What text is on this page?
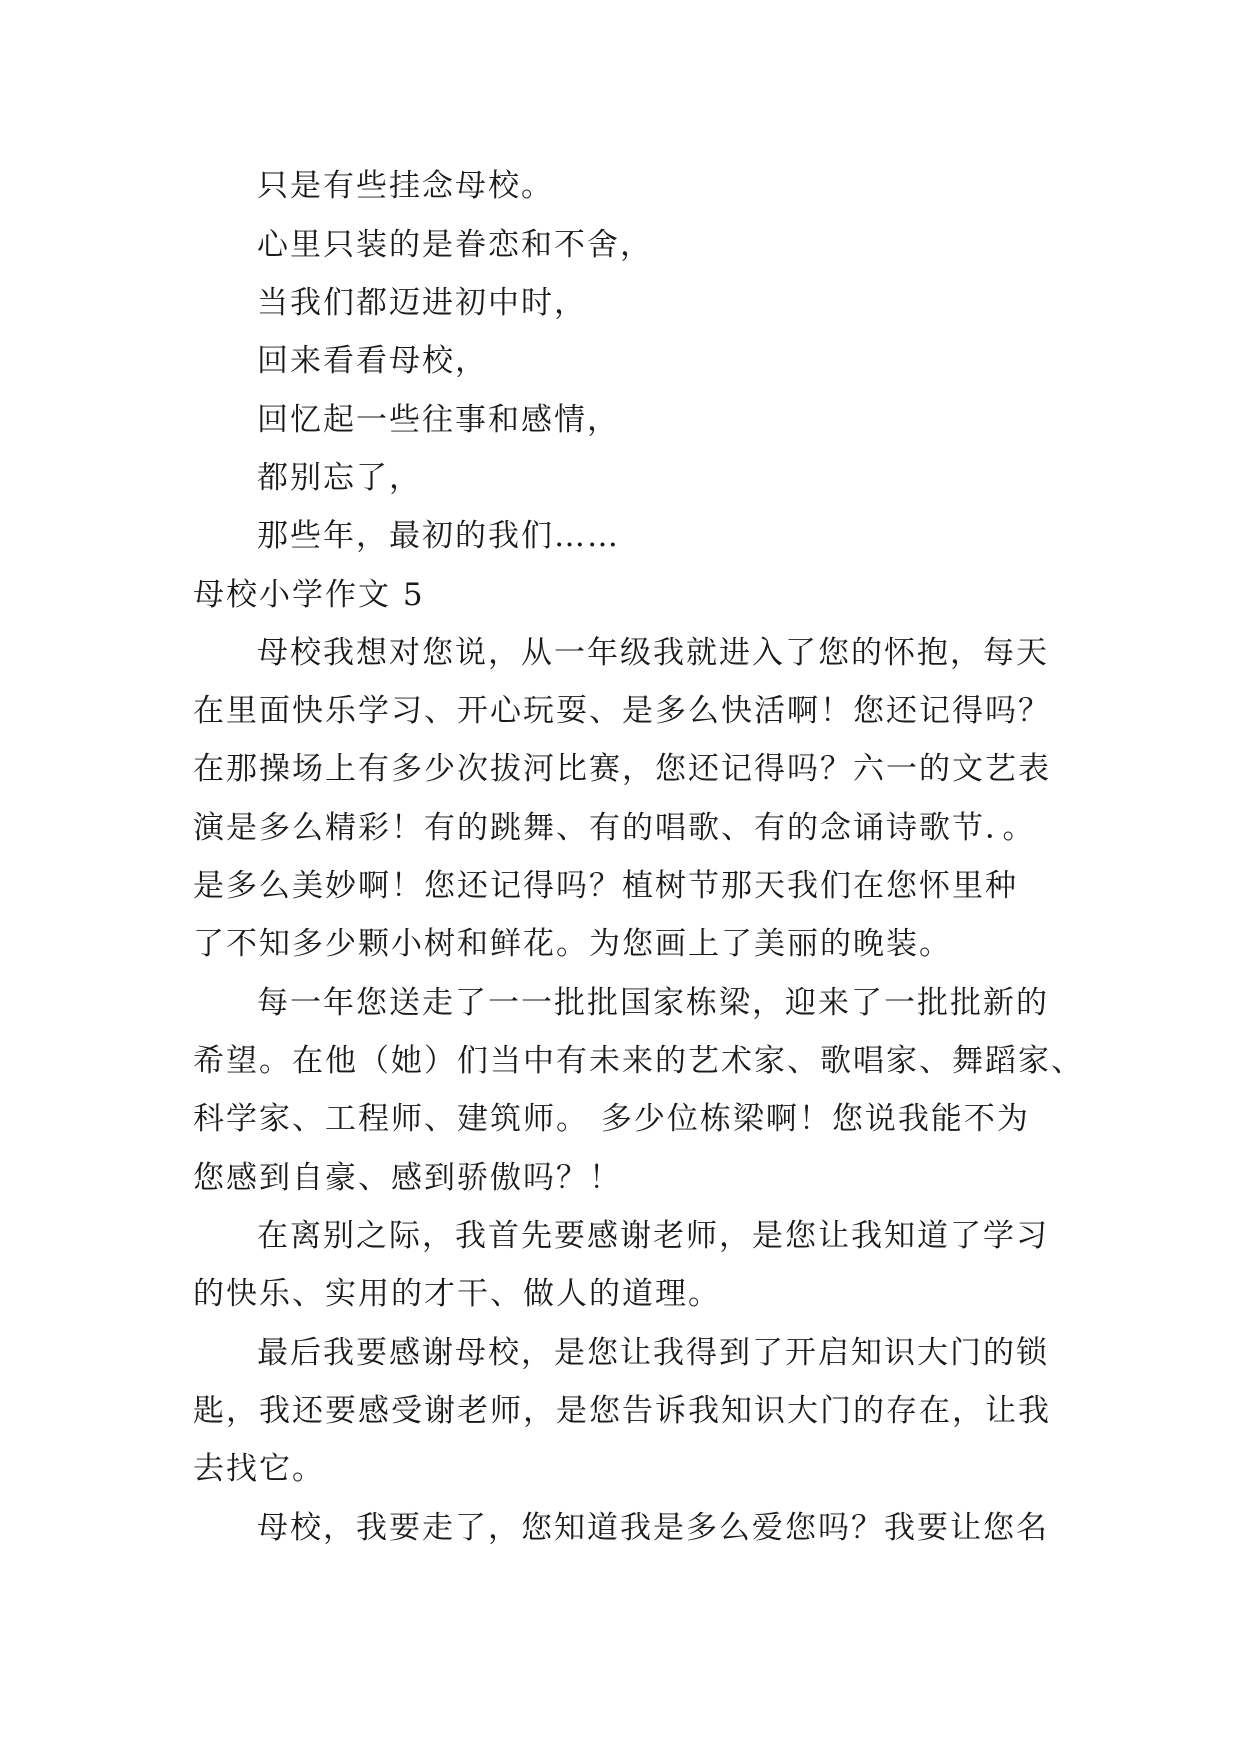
只是有些挂念母校。
心里只装的是眷恋和不舍，
当我们都迈进初中时，
回来看看母校，
回忆起一些往事和感情，
都别忘了，
那些年，最初的我们……
母校小学作文 5
母校我想对您说，从一年级我就进入了您的怀抱，每天
在里面快乐学习、开心玩耍、是多么快活啊！您还记得吗？
在那操场上有多少次拔河比赛，您还记得吗？六一的文艺表
演是多么精彩！有的跳舞、有的唱歌、有的念诵诗歌节．。
是多么美妙啊！您还记得吗？植树节那天我们在您怀里种
了不知多少颗小树和鲜花。为您画上了美丽的晚装。
每一年您送走了一一批批国家栋梁，迎来了一批批新的
希望。在他（她）们当中有未来的艺术家、歌唱家、舞蹈家、
科学家、工程师、建筑师。 多少位栋梁啊！您说我能不为
您感到自豪、感到骄傲吗？！
在离别之际，我首先要感谢老师，是您让我知道了学习
的快乐、实用的才干、做人的道理。
最后我要感谢母校，是您让我得到了开启知识大门的锁
匙，我还要感受谢老师，是您告诉我知识大门的存在，让我
去找它。
母校，我要走了，您知道我是多么爱您吗？我要让您名
